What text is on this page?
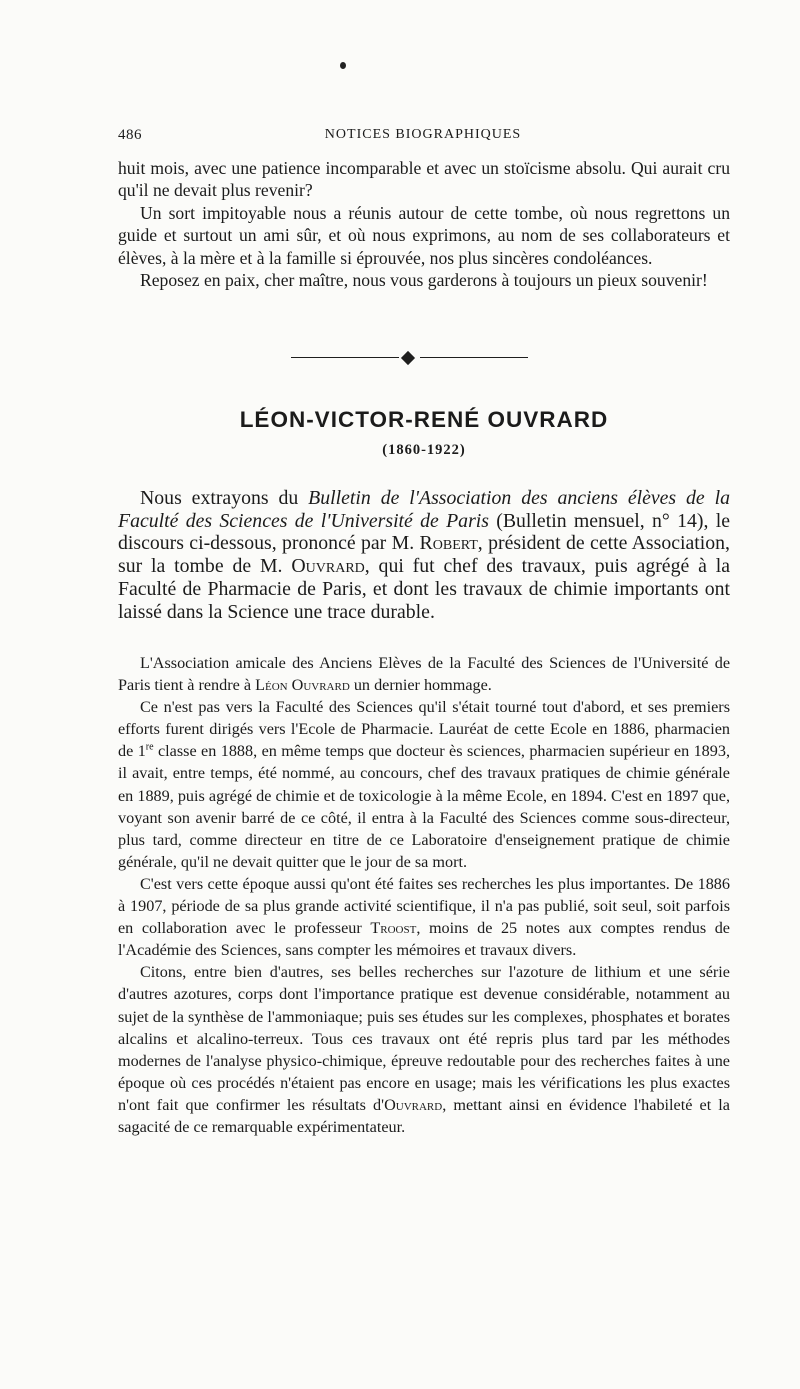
486	NOTICES BIOGRAPHIQUES

huit mois, avec une patience incomparable et avec un stoïcisme absolu. Qui aurait cru qu'il ne devait plus revenir?

Un sort impitoyable nous a réunis autour de cette tombe, où nous regrettons un guide et surtout un ami sûr, et où nous exprimons, au nom de ses collaborateurs et élèves, à la mère et à la famille si éprouvée, nos plus sincères condoléances.

Reposez en paix, cher maître, nous vous garderons à toujours un pieux souvenir!

LÉON-VICTOR-RENÉ OUVRARD
(1860-1922)

Nous extrayons du Bulletin de l'Association des anciens élèves de la Faculté des Sciences de l'Université de Paris (Bulletin mensuel, n° 14), le discours ci-dessous, prononcé par M. Robert, président de cette Association, sur la tombe de M. Ouvrard, qui fut chef des travaux, puis agrégé à la Faculté de Pharmacie de Paris, et dont les travaux de chimie importants ont laissé dans la Science une trace durable.

L'Association amicale des Anciens Elèves de la Faculté des Sciences de l'Université de Paris tient à rendre à Léon Ouvrard un dernier hommage.

Ce n'est pas vers la Faculté des Sciences qu'il s'était tourné tout d'abord, et ses premiers efforts furent dirigés vers l'Ecole de Pharmacie. Lauréat de cette Ecole en 1886, pharmacien de 1re classe en 1888, en même temps que docteur ès sciences, pharmacien supérieur en 1893, il avait, entre temps, été nommé, au concours, chef des travaux pratiques de chimie générale en 1889, puis agrégé de chimie et de toxicologie à la même Ecole, en 1894. C'est en 1897 que, voyant son avenir barré de ce côté, il entra à la Faculté des Sciences comme sous-directeur, plus tard, comme directeur en titre de ce Laboratoire d'enseignement pratique de chimie générale, qu'il ne devait quitter que le jour de sa mort.

C'est vers cette époque aussi qu'ont été faites ses recherches les plus importantes. De 1886 à 1907, période de sa plus grande activité scientifique, il n'a pas publié, soit seul, soit parfois en collaboration avec le professeur Troost, moins de 25 notes aux comptes rendus de l'Académie des Sciences, sans compter les mémoires et travaux divers.

Citons, entre bien d'autres, ses belles recherches sur l'azoture de lithium et une série d'autres azotures, corps dont l'importance pratique est devenue considérable, notamment au sujet de la synthèse de l'ammoniaque; puis ses études sur les complexes, phosphates et borates alcalins et alcalino-terreux. Tous ces travaux ont été repris plus tard par les méthodes modernes de l'analyse physico-chimique, épreuve redoutable pour des recherches faites à une époque où ces procédés n'étaient pas encore en usage; mais les vérifications les plus exactes n'ont fait que confirmer les résultats d'Ouvrard, mettant ainsi en évidence l'habileté et la sagacité de ce remarquable expérimentateur.
